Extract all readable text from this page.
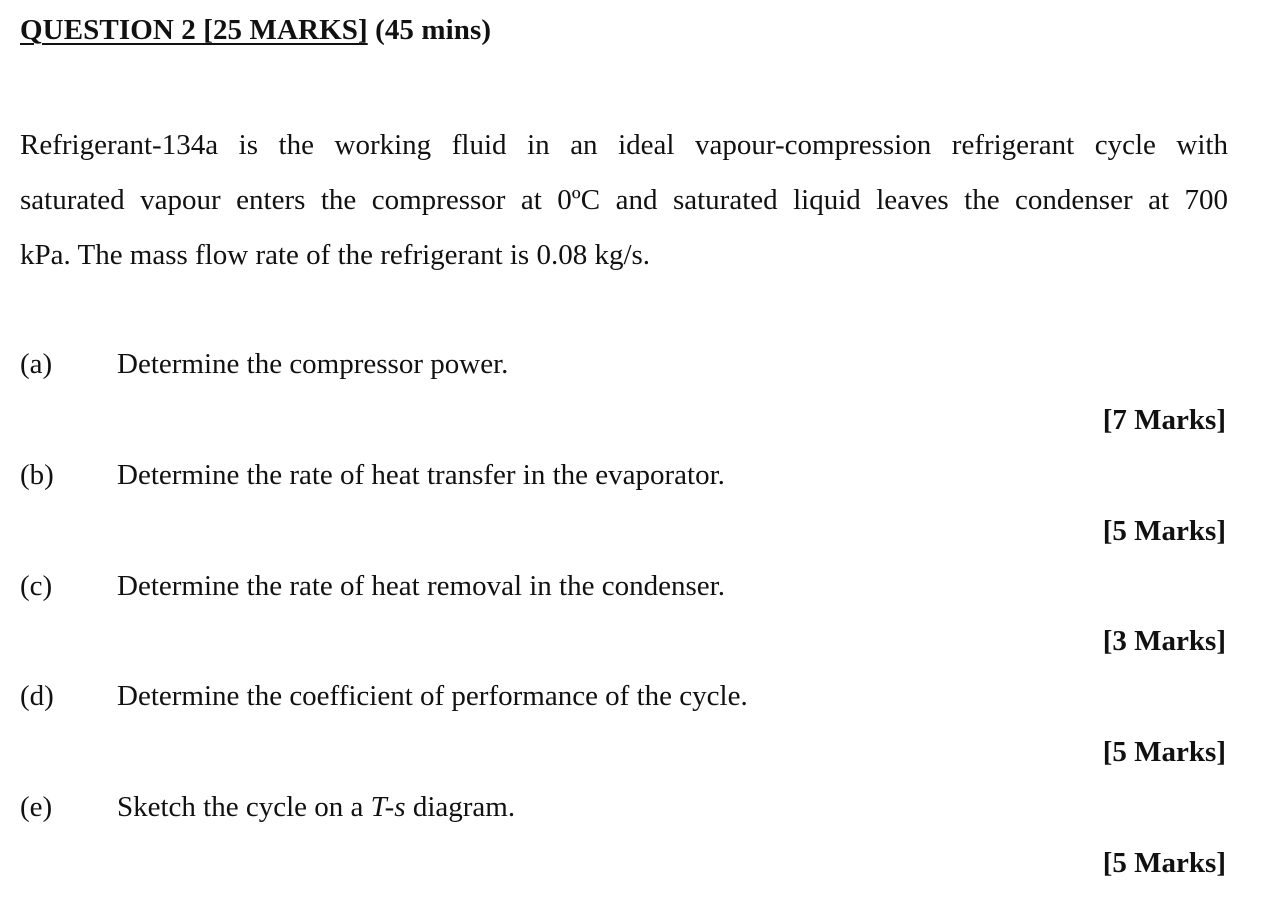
QUESTION 2 [25 MARKS] (45 mins)
Refrigerant-134a is the working fluid in an ideal vapour-compression refrigerant cycle with
saturated vapour enters the compressor at 0ºC and saturated liquid leaves the condenser at 700
kPa. The mass flow rate of the refrigerant is 0.08 kg/s.
(a) Determine the compressor power.
[7 Marks]
(b) Determine the rate of heat transfer in the evaporator.
[5 Marks]
(c) Determine the rate of heat removal in the condenser.
[3 Marks]
(d) Determine the coefficient of performance of the cycle.
[5 Marks]
(e) Sketch the cycle on a T-s diagram.
[5 Marks]
